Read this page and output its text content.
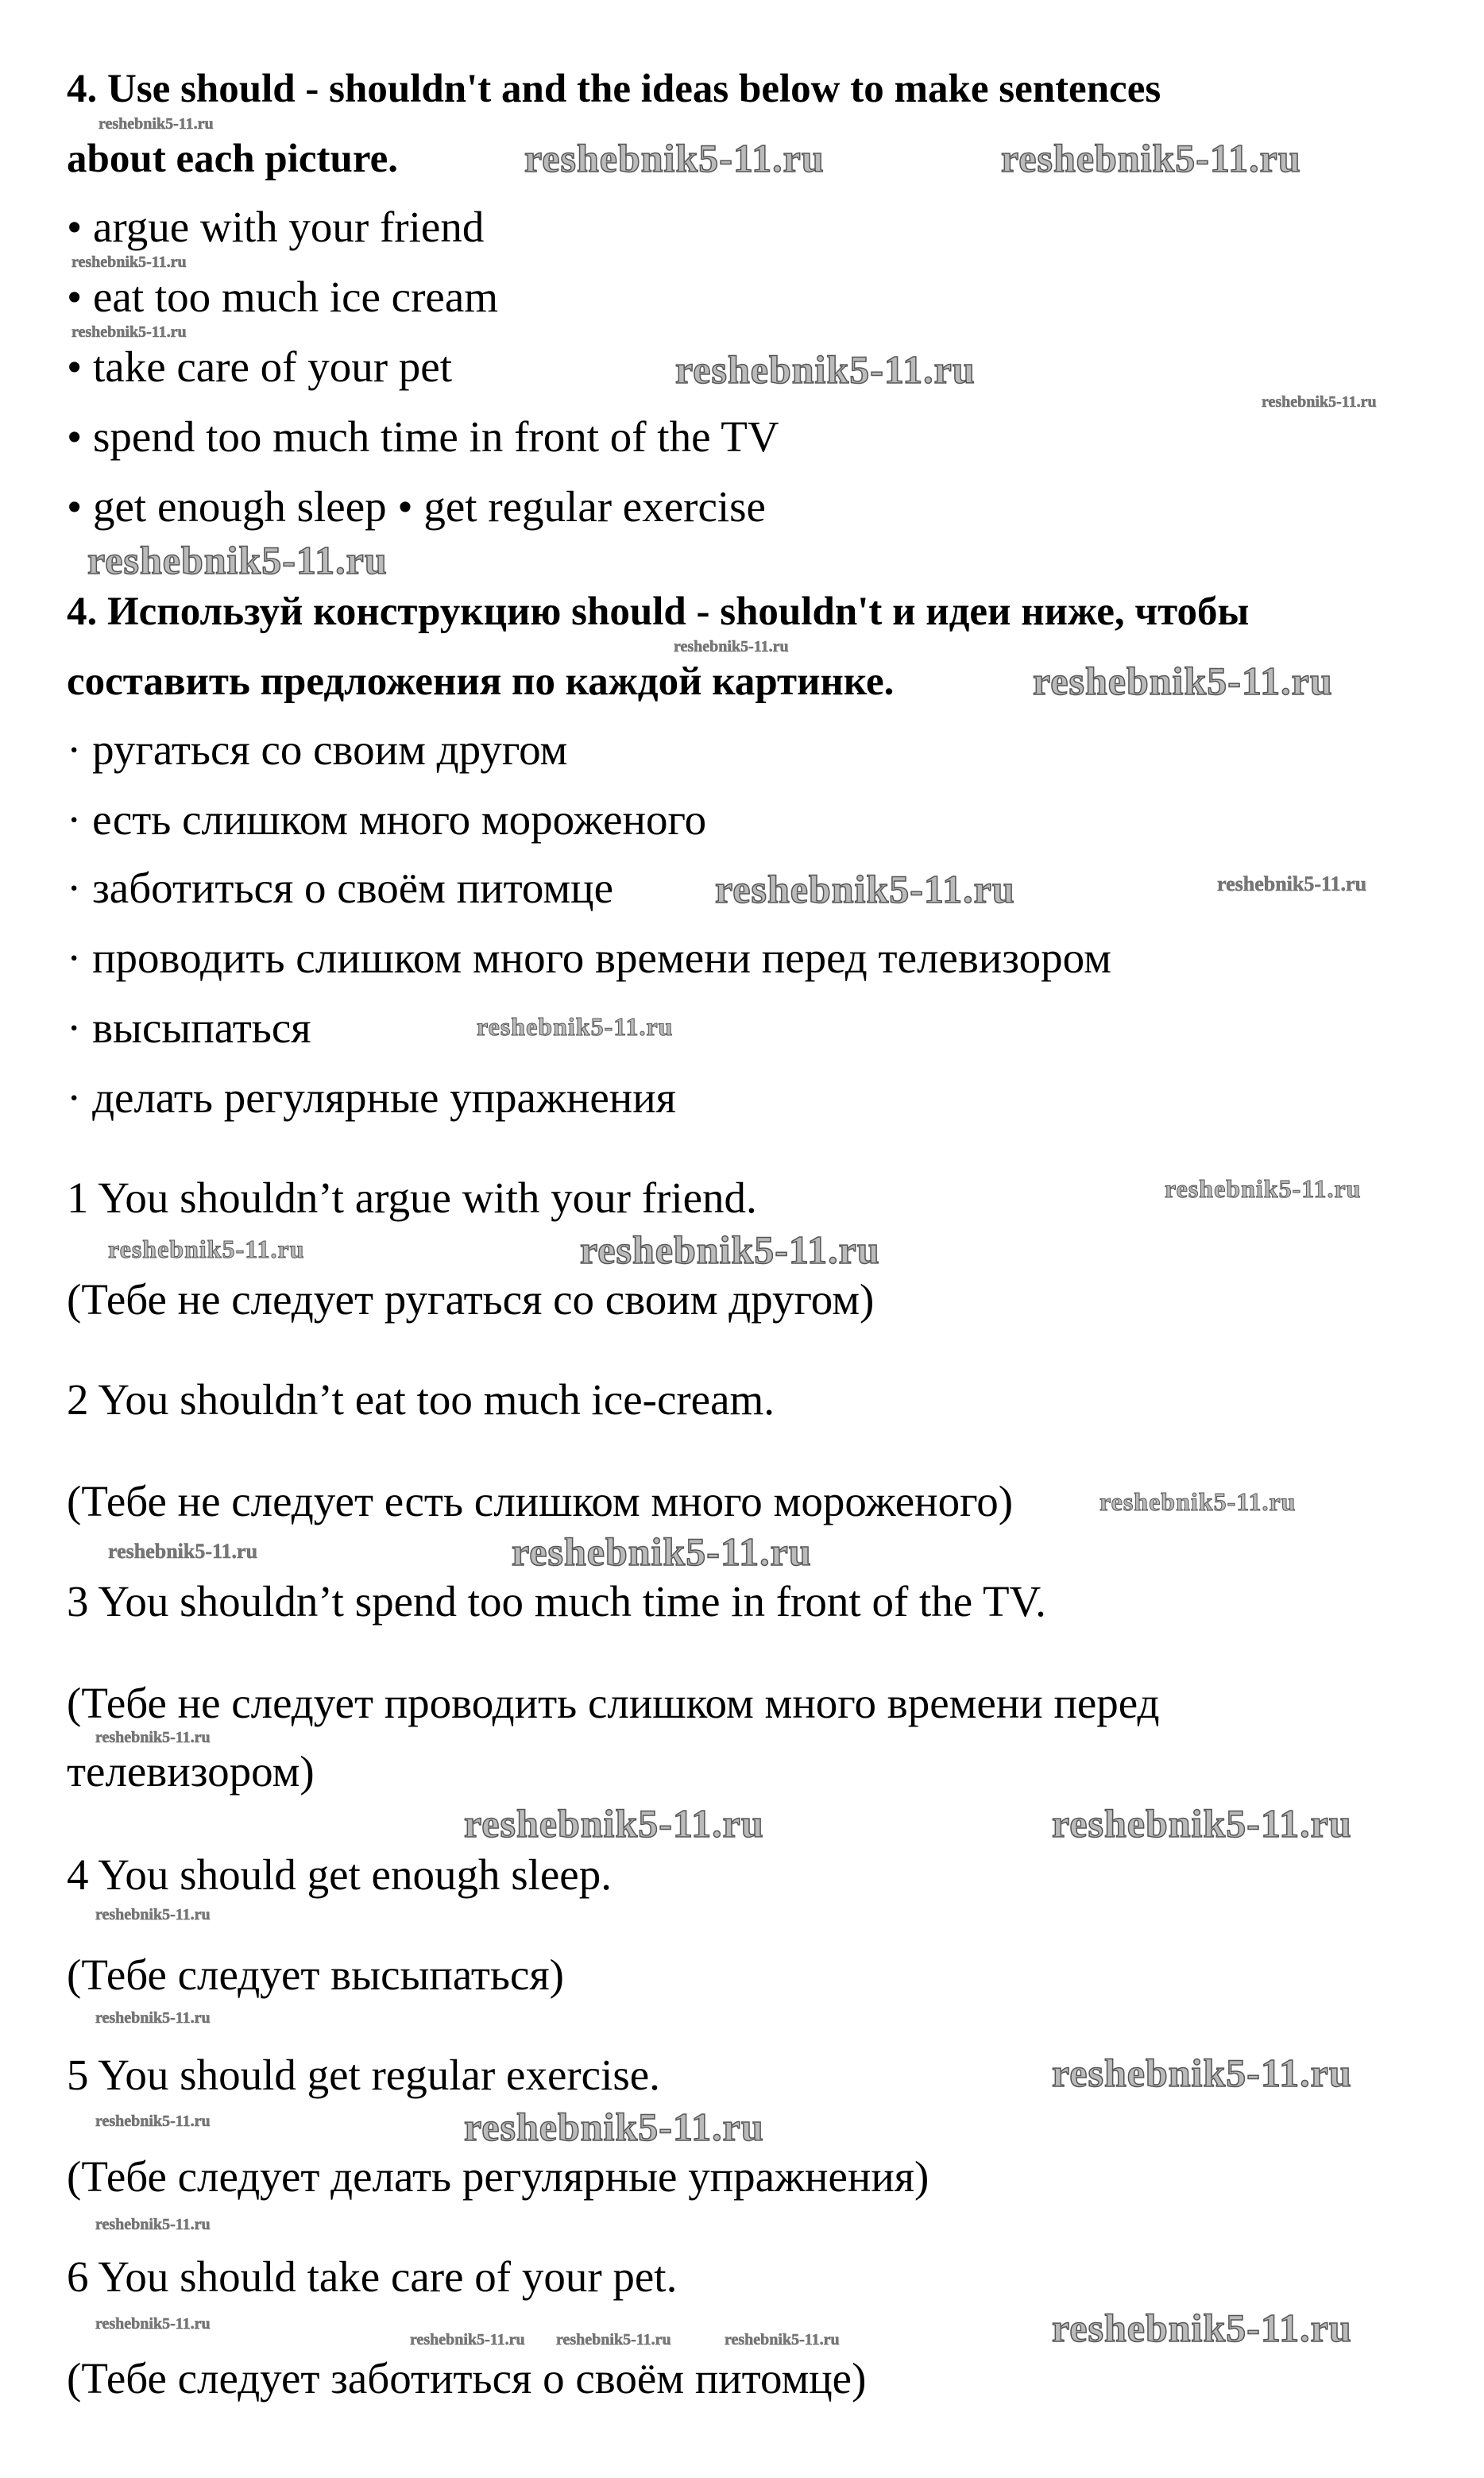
4. Use should - shouldn't and the ideas below to make sentences
about each picture.
• argue with your friend
• eat too much ice cream
• take care of your pet
• spend too much time in front of the TV
• get enough sleep • get regular exercise
4. Используй конструкцию should - shouldn't и идеи ниже, чтобы
составить предложения по каждой картинке.
· ругаться со своим другом
· есть слишком много мороженого
· заботиться о своём питомце
· проводить слишком много времени перед телевизором
· высыпаться
· делать регулярные упражнения
1 You shouldn’t argue with your friend.
(Тебе не следует ругаться со своим другом)
2 You shouldn’t eat too much ice-cream.
(Тебе не следует есть слишком много мороженого)
3 You shouldn’t spend too much time in front of the TV.
(Тебе не следует проводить слишком много времени перед
телевизором)
4 You should get enough sleep.
(Тебе следует высыпаться)
5 You should get regular exercise.
(Тебе следует делать регулярные упражнения)
6 You should take care of your pet.
(Тебе следует заботиться о своём питомце)
reshebnik5-11.ru	reshebnik5-11.ru
reshebnik5-11.ru
reshebnik5-11.ru
reshebnik5-11.ru
reshebnik5-11.ru
reshebnik5-11.ru
reshebnik5-11.ru
reshebnik5-11.ru	reshebnik5-11.ru
reshebnik5-11.ru
reshebnik5-11.ru
reshebnik5-11.ru
reshebnik5-11.ru
reshebnik5-11.ru
reshebnik5-11.ru
reshebnik5-11.ru
reshebnik5-11.ru
reshebnik5-11.ru
reshebnik5-11.ru
reshebnik5-11.ru
reshebnik5-11.ru
reshebnik5-11.ru
reshebnik5-11.ru
reshebnik5-11.ru
reshebnik5-11.ru
reshebnik5-11.ru
reshebnik5-11.ru
reshebnik5-11.ru
reshebnik5-11.ru
reshebnik5-11.ru reshebnik5-11.ru	reshebnik5-11.ru
